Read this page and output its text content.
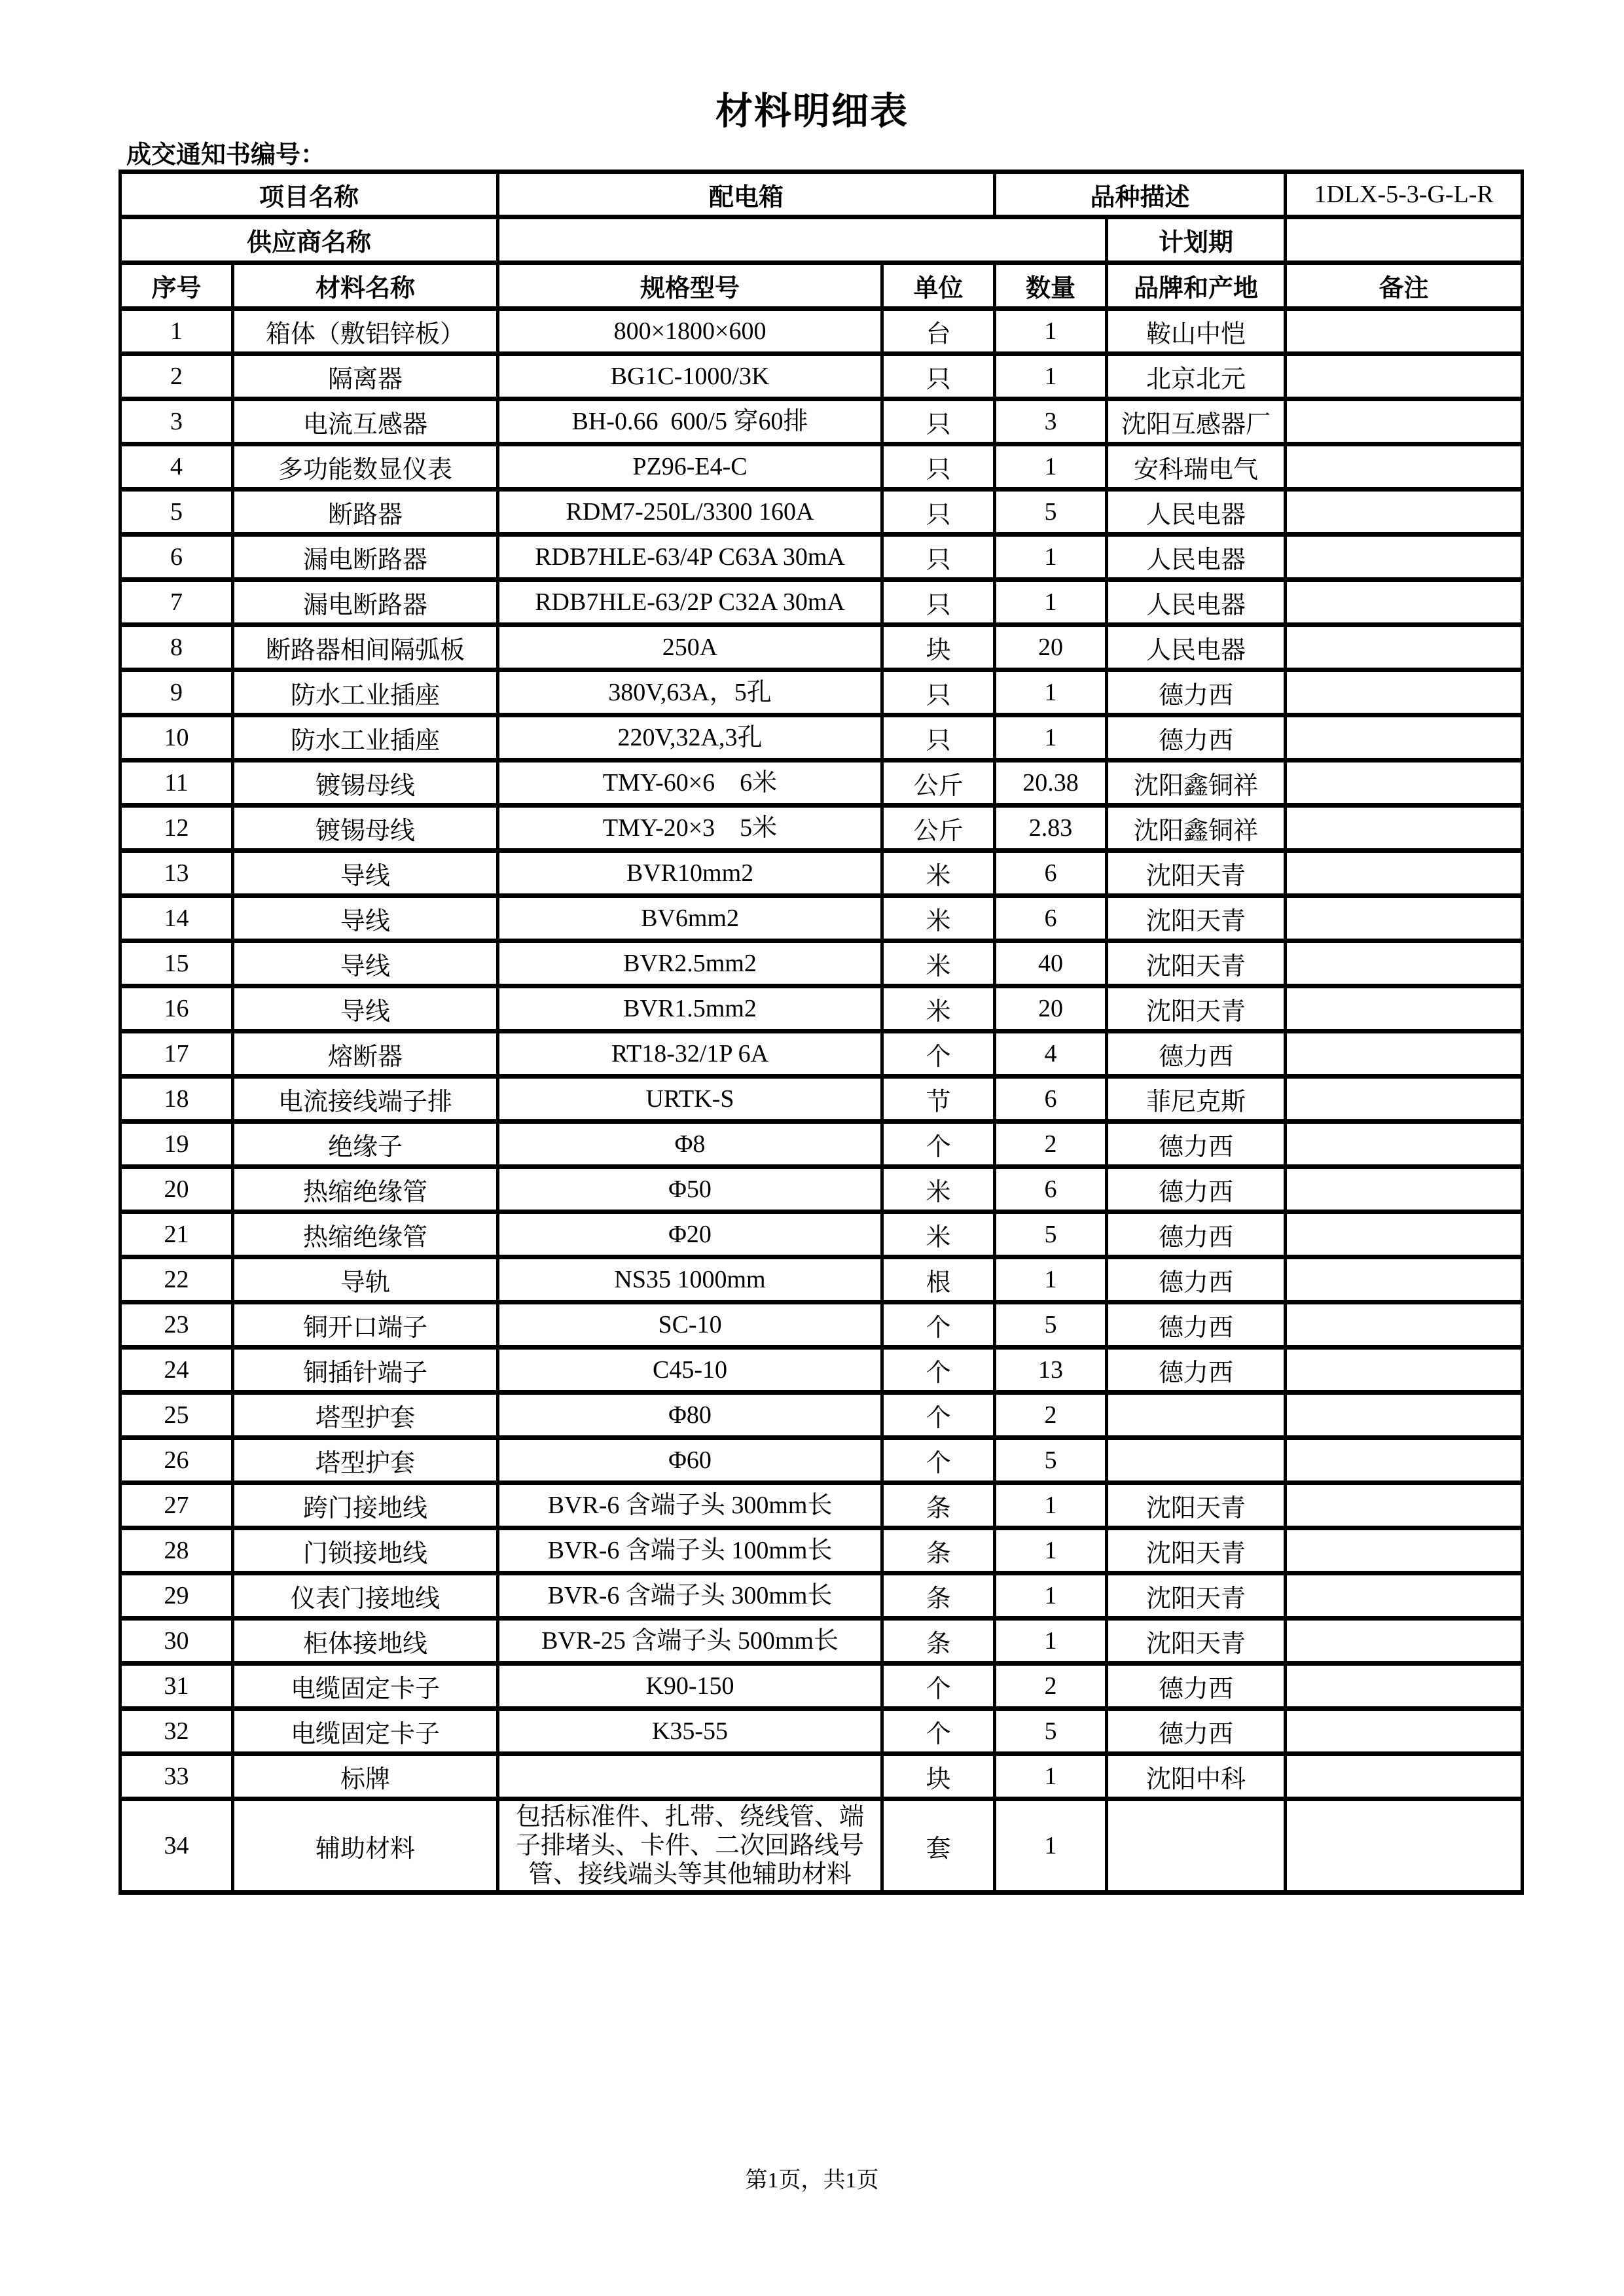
材料明细表
成交通知书编号：
项目名称		配电箱		品种描述		1DLX-5-3-G-L-R
供应商名称					计划期	
序号	材料名称	规格型号	单位	数量	品牌和产地	备注
1	箱体（敷铝锌板）	800×1800×600	台	1	鞍山中恺	
2	隔离器	BG1C-1000/3K	只	1	北京北元	
3	电流互感器	BH-0.66  600/5 穿60排	只	3	沈阳互感器厂	
4	多功能数显仪表	PZ96-E4-C	只	1	安科瑞电气	
5	断路器	RDM7-250L/3300 160A	只	5	人民电器	
6	漏电断路器	RDB7HLE-63/4P C63A 30mA	只	1	人民电器	
7	漏电断路器	RDB7HLE-63/2P C32A 30mA	只	1	人民电器	
8	断路器相间隔弧板	250A	块	20	人民电器	
9	防水工业插座	380V,63A，5孔	只	1	德力西	
10	防水工业插座	220V,32A,3孔	只	1	德力西	
11	镀锡母线	TMY-60×6    6米	公斤	20.38	沈阳鑫铜祥	
12	镀锡母线	TMY-20×3    5米	公斤	2.83	沈阳鑫铜祥	
13	导线	BVR10mm2	米	6	沈阳天青	
14	导线	BV6mm2	米	6	沈阳天青	
15	导线	BVR2.5mm2	米	40	沈阳天青	
16	导线	BVR1.5mm2	米	20	沈阳天青	
17	熔断器	RT18-32/1P 6A	个	4	德力西	
18	电流接线端子排	URTK-S	节	6	菲尼克斯	
19	绝缘子	Φ8	个	2	德力西	
20	热缩绝缘管	Φ50	米	6	德力西	
21	热缩绝缘管	Φ20	米	5	德力西	
22	导轨	NS35 1000mm	根	1	德力西	
23	铜开口端子	SC-10	个	5	德力西	
24	铜插针端子	C45-10	个	13	德力西	
25	塔型护套	Φ80	个	2		
26	塔型护套	Φ60	个	5		
27	跨门接地线	BVR-6 含端子头 300mm长	条	1	沈阳天青	
28	门锁接地线	BVR-6 含端子头 100mm长	条	1	沈阳天青	
29	仪表门接地线	BVR-6 含端子头 300mm长	条	1	沈阳天青	
30	柜体接地线	BVR-25 含端子头 500mm长	条	1	沈阳天青	
31	电缆固定卡子	K90-150	个	2	德力西	
32	电缆固定卡子	K35-55	个	5	德力西	
33	标牌		块	1	沈阳中科	
34	辅助材料	包括标准件、扎带、绕线管、端子排堵头、卡件、二次回路线号管、接线端头等其他辅助材料	套	1		
第1页，共1页
